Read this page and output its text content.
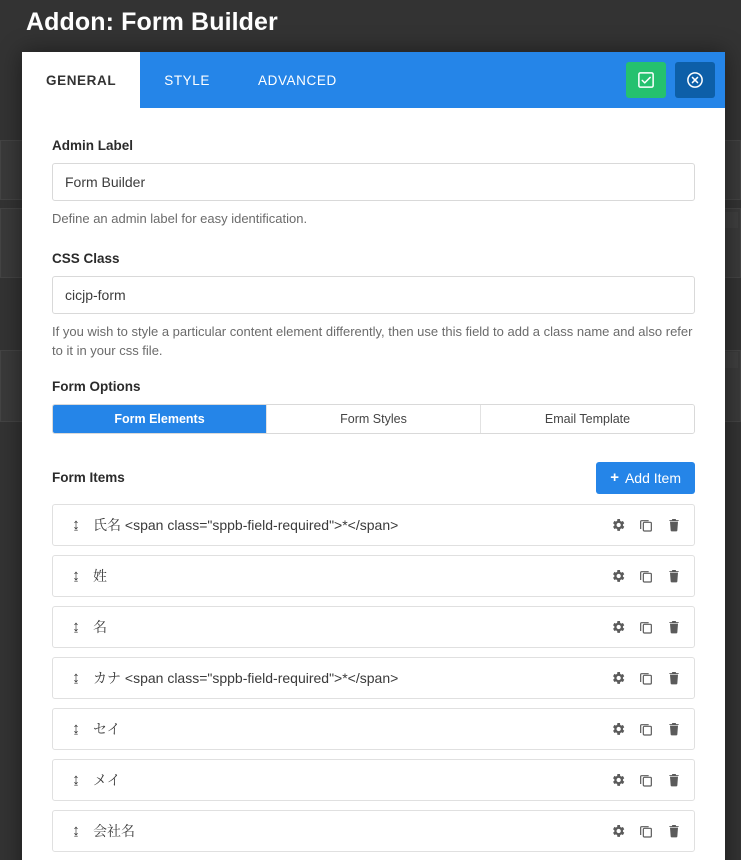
Addon: Form Builder
GENERAL	STYLE	ADVANCED
Admin Label
Form Builder
Define an admin label for easy identification.
CSS Class
cicjp-form
If you wish to style a particular content element differently, then use this field to add a class name and also refer to it in your css file.
Form Options
Form Elements	Form Styles	Email Template
Form Items	+ Add Item
↨ 氏名 <span class="sppb-field-required">*</span>
↨ 姓
↨ 名
↨ カナ <span class="sppb-field-required">*</span>
↨ セイ
↨ メイ
↨ 会社名
